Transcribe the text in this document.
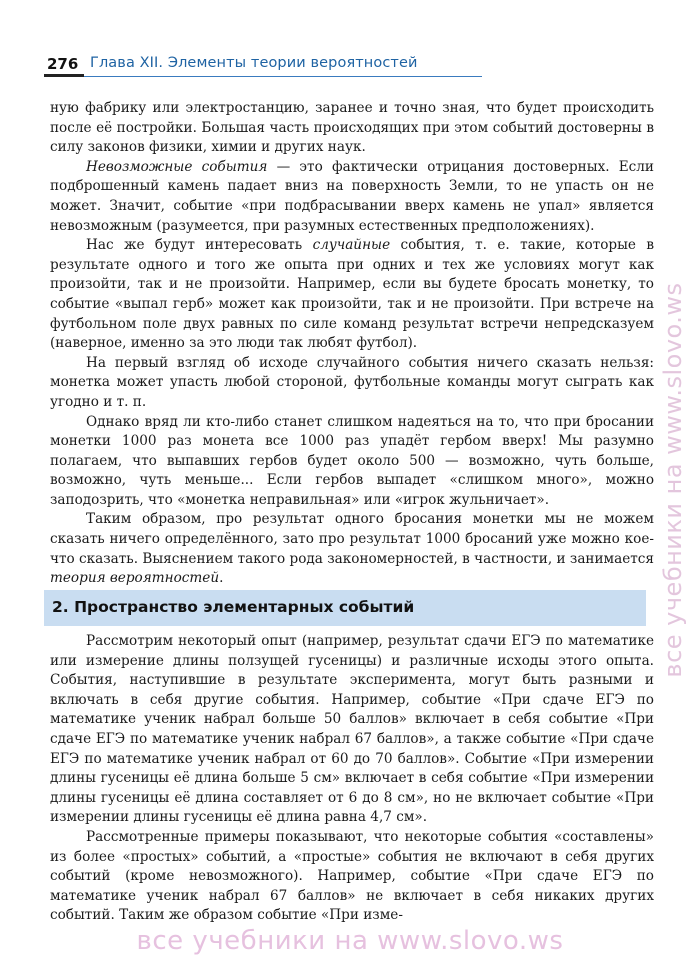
276 Глава XII. Элементы теории вероятностей

ную фабрику или электростанцию, заранее и точно зная, что будет происходить после её постройки. Большая часть происходящих при этом событий достоверны в силу законов физики, химии и других наук.

Невозможные события — это фактически отрицания достоверных. Если подброшенный камень падает вниз на поверхность Земли, то не упасть он не может. Значит, событие «при подбрасывании вверх камень не упал» является невозможным (разумеется, при разумных естественных предположениях).

Нас же будут интересовать случайные события, т. е. такие, которые в результате одного и того же опыта при одних и тех же условиях могут как произойти, так и не произойти. Например, если вы будете бросать монетку, то событие «выпал герб» может как произойти, так и не произойти. При встрече на футбольном поле двух равных по силе команд результат встречи непредсказуем (наверное, именно за это люди так любят футбол).

На первый взгляд об исходе случайного события ничего сказать нельзя: монетка может упасть любой стороной, футбольные команды могут сыграть как угодно и т. п.

Однако вряд ли кто-либо станет слишком надеяться на то, что при бросании монетки 1000 раз монета все 1000 раз упадёт гербом вверх! Мы разумно полагаем, что выпавших гербов будет около 500 — возможно, чуть больше, возможно, чуть меньше... Если гербов выпадет «слишком много», можно заподозрить, что «монетка неправильная» или «игрок жульничает».

Таким образом, про результат одного бросания монетки мы не можем сказать ничего определённого, зато про результат 1000 бросаний уже можно кое-что сказать. Выяснением такого рода закономерностей, в частности, и занимается теория вероятностей.

2. Пространство элементарных событий

Рассмотрим некоторый опыт (например, результат сдачи ЕГЭ по математике или измерение длины ползущей гусеницы) и различные исходы этого опыта. События, наступившие в результате эксперимента, могут быть разными и включать в себя другие события. Например, событие «При сдаче ЕГЭ по математике ученик набрал больше 50 баллов» включает в себя событие «При сдаче ЕГЭ по математике ученик набрал 67 баллов», а также событие «При сдаче ЕГЭ по математике ученик набрал от 60 до 70 баллов». Событие «При измерении длины гусеницы её длина больше 5 см» включает в себя событие «При измерении длины гусеницы её длина составляет от 6 до 8 см», но не включает событие «При измерении длины гусеницы её длина равна 4,7 см».

Рассмотренные примеры показывают, что некоторые события «составлены» из более «простых» событий, а «простые» события не включают в себя других событий (кроме невозможного). Например, событие «При сдаче ЕГЭ по математике ученик набрал 67 баллов» не включает в себя никаких других событий. Таким же образом событие «При изме-

все учебники на www.slovo.ws
все учебники на www.slovo.ws
